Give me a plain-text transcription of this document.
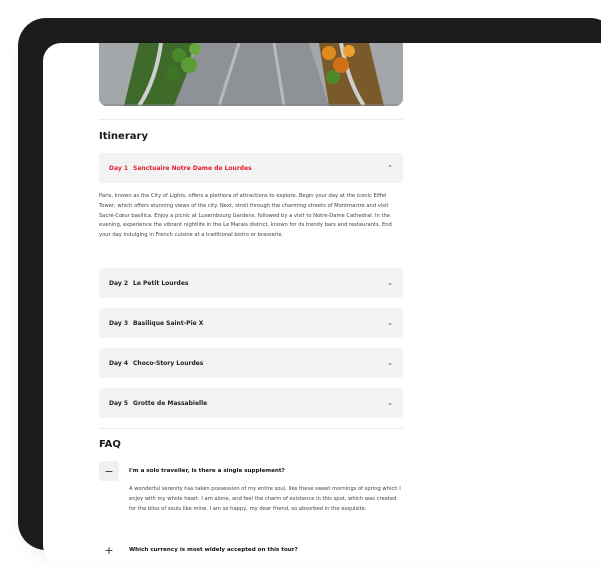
Itinerary
Day 1 Sanctuaire Notre Dame de Lourdes	⌃
Paris, known as the City of Lights, offers a plethora of attractions to explore. Begin your day at the iconic Eiffel Tower, which offers stunning views of the city. Next, stroll through the charming streets of Montmartre and visit Sacré-Cœur basilica. Enjoy a picnic at Luxembourg Gardens, followed by a visit to Notre-Dame Cathedral. In the evening, experience the vibrant nightlife in the Le Marais district, known for its trendy bars and restaurants. End your day indulging in French cuisine at a traditional bistro or brasserie.
Day 2 Le Petit Lourdes	⌄
Day 3 Basilique Saint-Pie X	⌄
Day 4 Choco-Story Lourdes	⌄
Day 5 Grotte de Massabielle	⌄
FAQ
−	I'm a solo traveller, is there a single supplement?
A wonderful serenity has taken possession of my entire soul, like these sweet mornings of spring which I enjoy with my whole heart. I am alone, and feel the charm of existence in this spot, which was created for the bliss of souls like mine. I am so happy, my dear friend, so absorbed in the exquisite.
+	Which currency is most widely accepted on this tour?
